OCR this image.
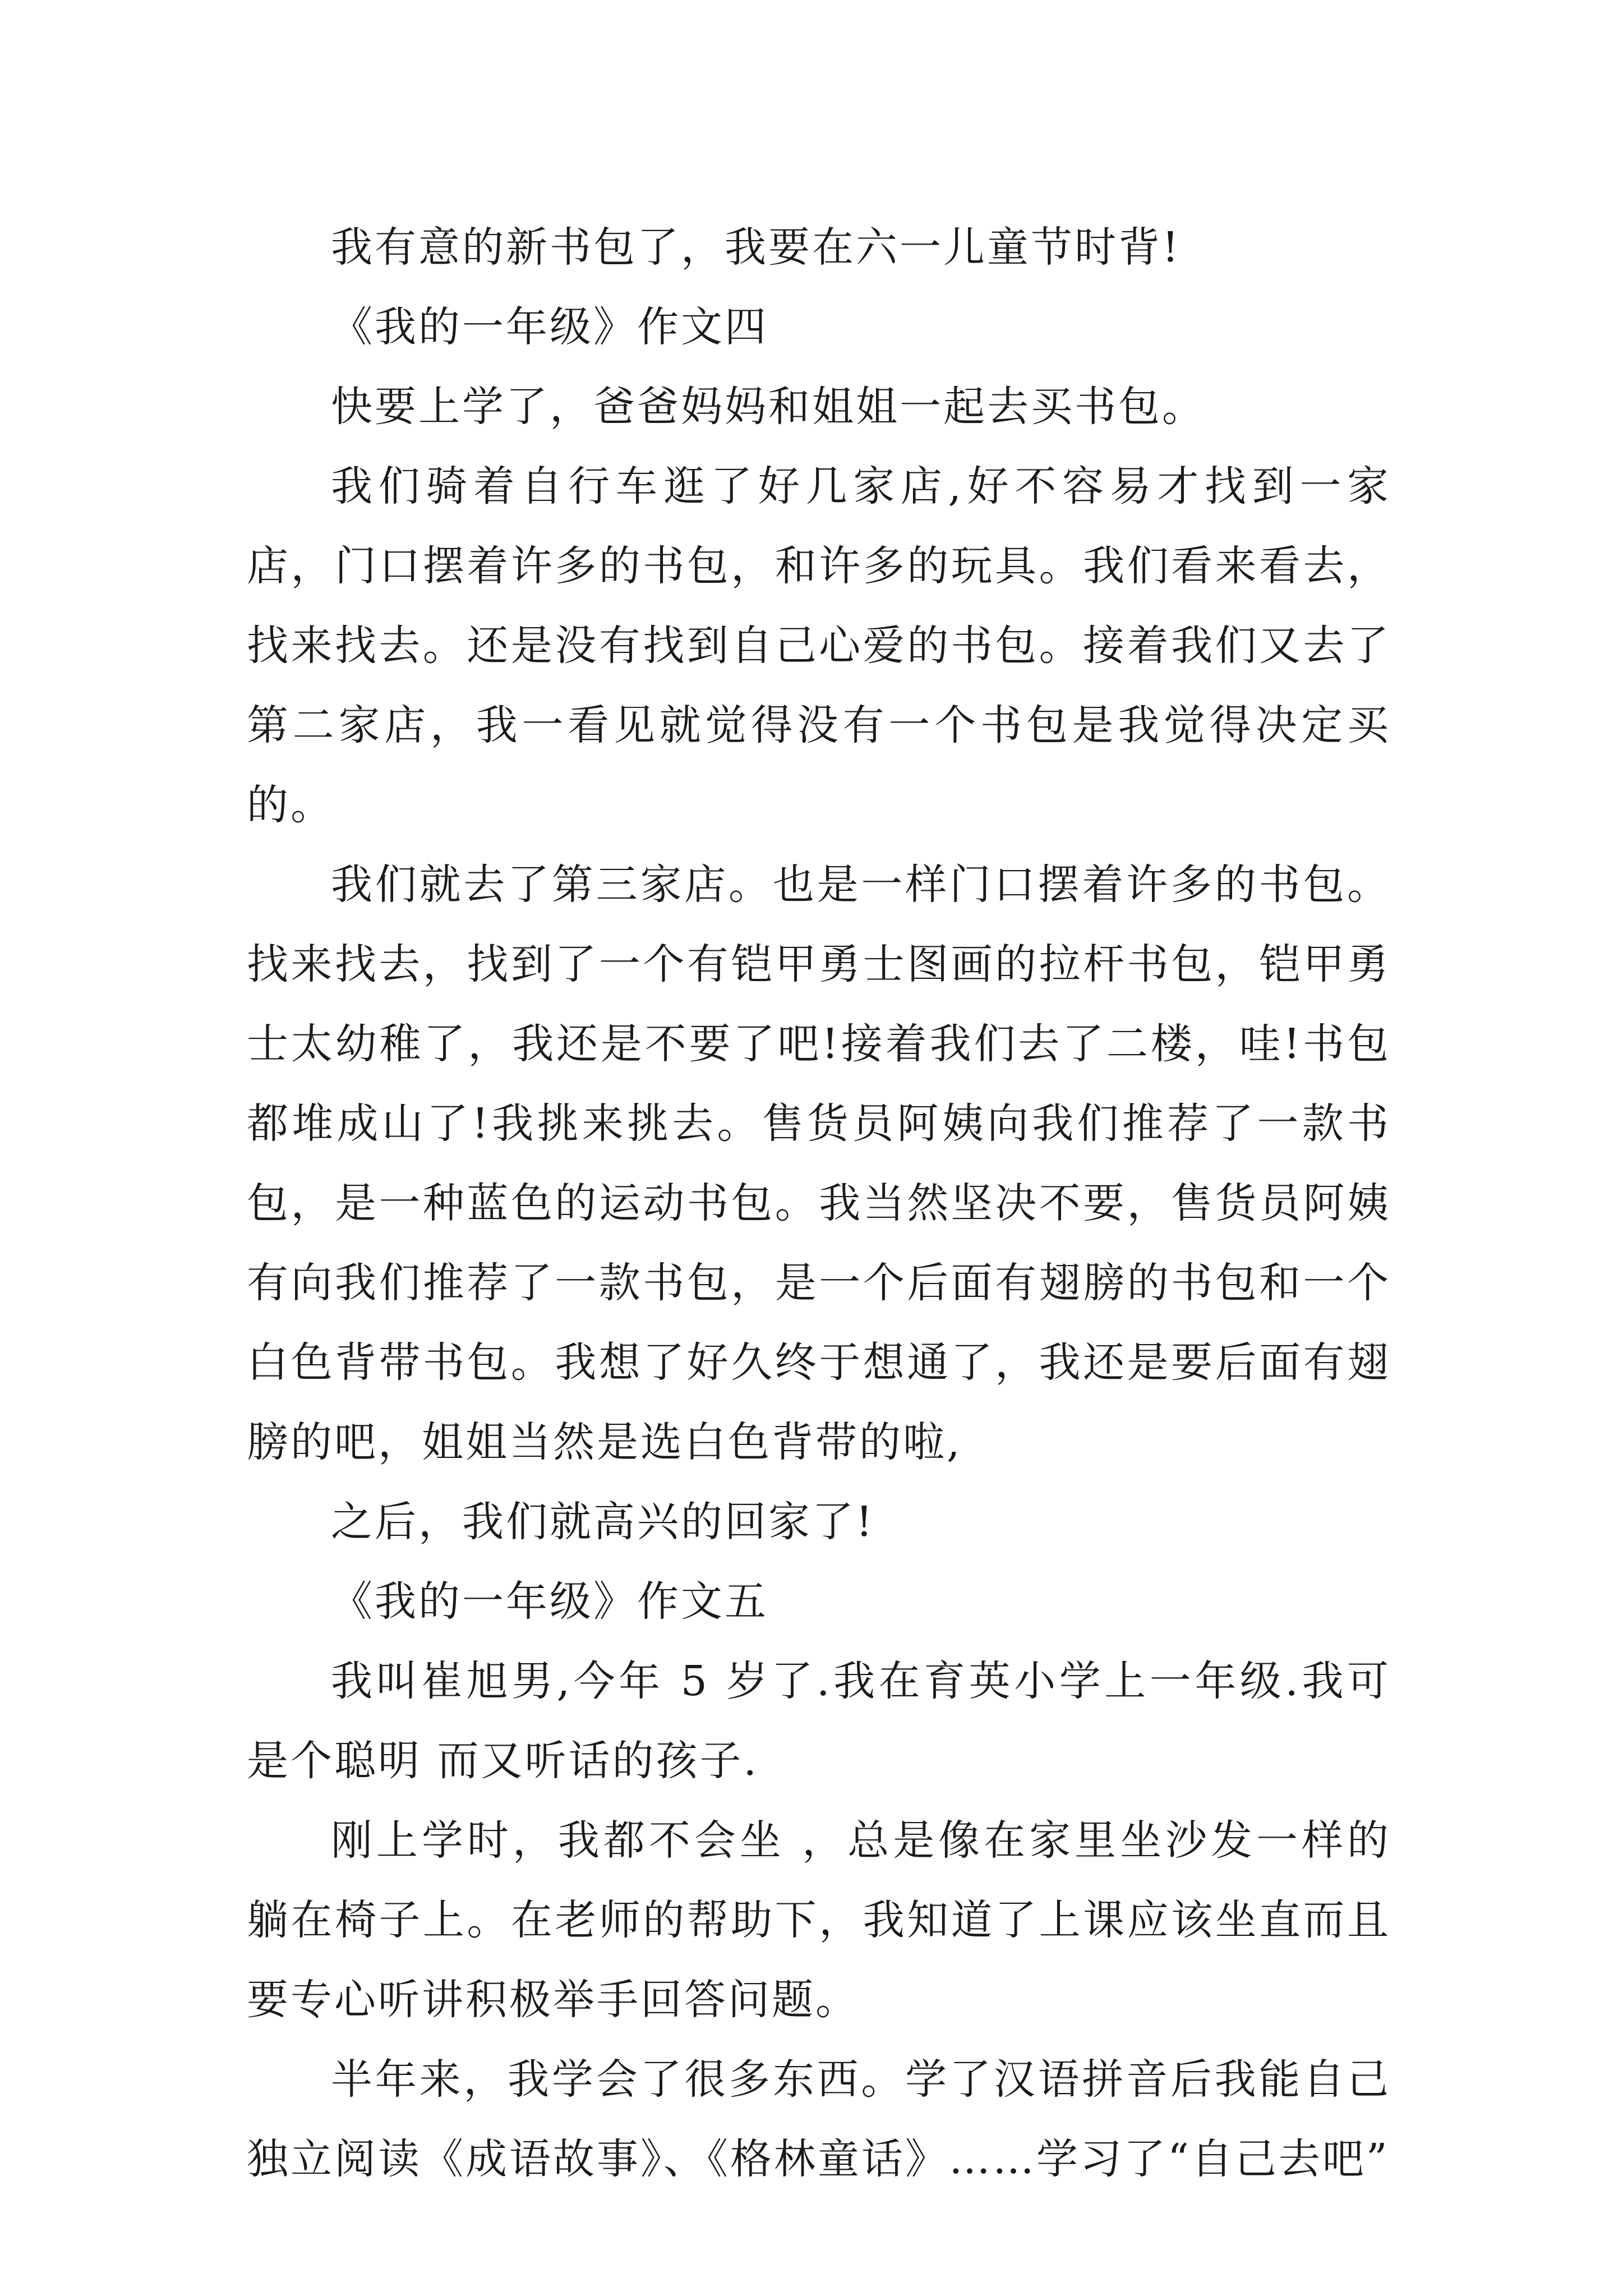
我有意的新书包了，我要在六一儿童节时背!

《我的一年级》作文四

快要上学了，爸爸妈妈和姐姐一起去买书包。

我们骑着自行车逛了好几家店,好不容易才找到一家店，门口摆着许多的书包，和许多的玩具。我们看来看去，找来找去。还是没有找到自己心爱的书包。接着我们又去了第二家店，我一看见就觉得没有一个书包是我觉得决定买的。

我们就去了第三家店。也是一样门口摆着许多的书包。找来找去，找到了一个有铠甲勇士图画的拉杆书包，铠甲勇士太幼稚了，我还是不要了吧!接着我们去了二楼，哇!书包都堆成山了!我挑来挑去。售货员阿姨向我们推荐了一款书包，是一种蓝色的运动书包。我当然坚决不要，售货员阿姨有向我们推荐了一款书包，是一个后面有翅膀的书包和一个白色背带书包。我想了好久终于想通了，我还是要后面有翅膀的吧，姐姐当然是选白色背带的啦,

之后，我们就高兴的回家了!

《我的一年级》作文五

我叫崔旭男,今年 5 岁了.我在育英小学上一年级.我可是个聪明 而又听话的孩子.

刚上学时，我都不会坐 ，总是像在家里坐沙发一样的躺在椅子上。在老师的帮助下，我知道了上课应该坐直而且要专心听讲积极举手回答问题。

半年来，我学会了很多东西。学了汉语拼音后我能自己独立阅读《成语故事》、《格林童话》……学习了“自己去吧”
